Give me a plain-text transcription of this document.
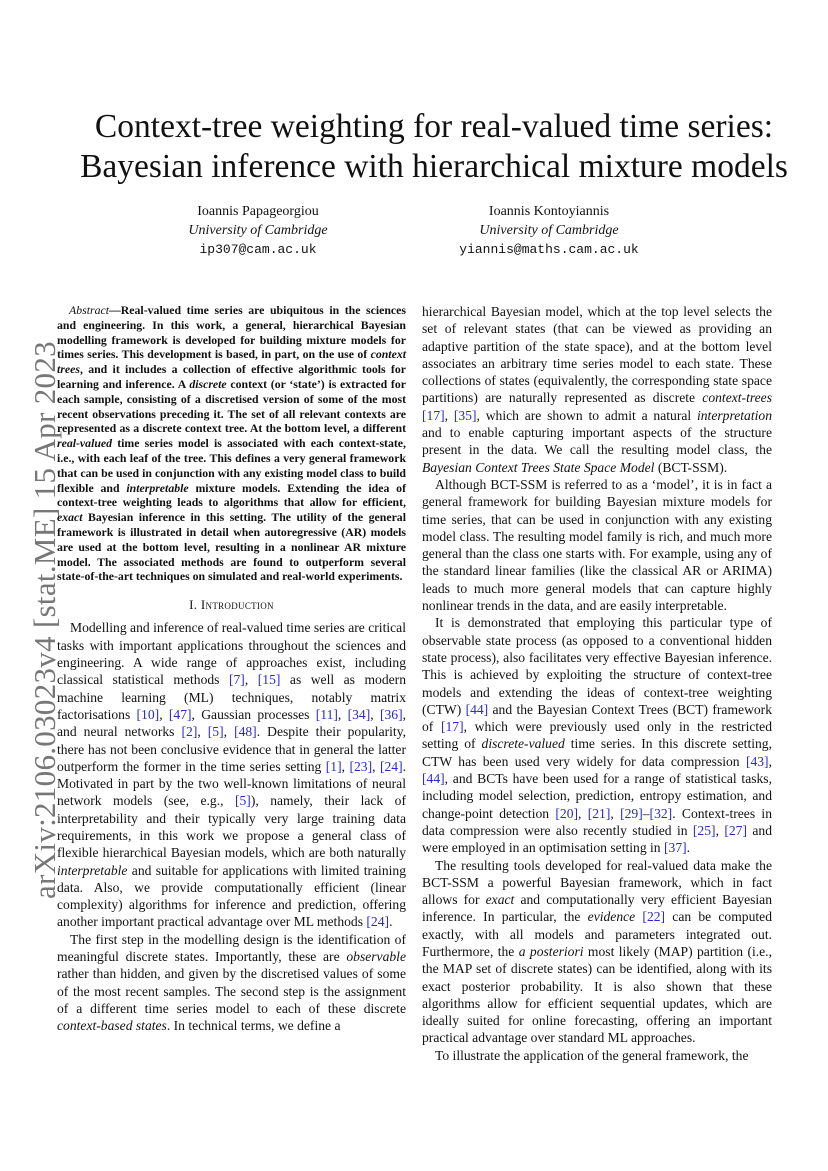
arXiv:2106.03023v4 [stat.ME] 15 Apr 2023
Context-tree weighting for real-valued time series:
Bayesian inference with hierarchical mixture models
Ioannis Papageorgiou
University of Cambridge
ip307@cam.ac.uk
Ioannis Kontoyiannis
University of Cambridge
yiannis@maths.cam.ac.uk

Abstract—Real-valued time series are ubiquitous in the sciences and engineering. In this work, a general, hierarchical Bayesian modelling framework is developed for building mixture models for times series. This development is based, in part, on the use of context trees, and it includes a collection of effective algorithmic tools for learning and inference. A discrete context (or ‘state’) is extracted for each sample, consisting of a discretised version of some of the most recent observations preceding it. The set of all relevant contexts are represented as a discrete context tree. At the bottom level, a different real-valued time series model is associated with each context-state, i.e., with each leaf of the tree. This defines a very general framework that can be used in conjunction with any existing model class to build flexible and interpretable mixture models. Extending the idea of context-tree weighting leads to algorithms that allow for efficient, exact Bayesian inference in this setting. The utility of the general framework is illustrated in detail when autoregressive (AR) models are used at the bottom level, resulting in a nonlinear AR mixture model. The associated methods are found to outperform several state-of-the-art techniques on simulated and real-world experiments.

I. Introduction

Modelling and inference of real-valued time series are critical tasks with important applications throughout the sciences and engineering. A wide range of approaches exist, including classical statistical methods [7], [15] as well as modern machine learning (ML) techniques, notably matrix factorisations [10], [47], Gaussian processes [11], [34], [36], and neural networks [2], [5], [48]. Despite their popularity, there has not been conclusive evidence that in general the latter outperform the former in the time series setting [1], [23], [24]. Motivated in part by the two well-known limitations of neural network models (see, e.g., [5]), namely, their lack of interpretability and their typically very large training data requirements, in this work we propose a general class of flexible hierarchical Bayesian models, which are both naturally interpretable and suitable for applications with limited training data. Also, we provide computationally efficient (linear complexity) algorithms for inference and prediction, offering another important practical advantage over ML methods [24].

The first step in the modelling design is the identification of meaningful discrete states. Importantly, these are observable rather than hidden, and given by the discretised values of some of the most recent samples. The second step is the assignment of a different time series model to each of these discrete context-based states. In technical terms, we define a

hierarchical Bayesian model, which at the top level selects the set of relevant states (that can be viewed as providing an adaptive partition of the state space), and at the bottom level associates an arbitrary time series model to each state. These collections of states (equivalently, the corresponding state space partitions) are naturally represented as discrete context-trees [17], [35], which are shown to admit a natural interpretation and to enable capturing important aspects of the structure present in the data. We call the resulting model class, the Bayesian Context Trees State Space Model (BCT-SSM).

Although BCT-SSM is referred to as a ‘model’, it is in fact a general framework for building Bayesian mixture models for time series, that can be used in conjunction with any existing model class. The resulting model family is rich, and much more general than the class one starts with. For example, using any of the standard linear families (like the classical AR or ARIMA) leads to much more general models that can capture highly nonlinear trends in the data, and are easily interpretable.

It is demonstrated that employing this particular type of observable state process (as opposed to a conventional hidden state process), also facilitates very effective Bayesian inference. This is achieved by exploiting the structure of context-tree models and extending the ideas of context-tree weighting (CTW) [44] and the Bayesian Context Trees (BCT) framework of [17], which were previously used only in the restricted setting of discrete-valued time series. In this discrete setting, CTW has been used very widely for data compression [43], [44], and BCTs have been used for a range of statistical tasks, including model selection, prediction, entropy estimation, and change-point detection [20], [21], [29]–[32]. Context-trees in data compression were also recently studied in [25], [27] and were employed in an optimisation setting in [37].

The resulting tools developed for real-valued data make the BCT-SSM a powerful Bayesian framework, which in fact allows for exact and computationally very efficient Bayesian inference. In particular, the evidence [22] can be computed exactly, with all models and parameters integrated out. Furthermore, the a posteriori most likely (MAP) partition (i.e., the MAP set of discrete states) can be identified, along with its exact posterior probability. It is also shown that these algorithms allow for efficient sequential updates, which are ideally suited for online forecasting, offering an important practical advantage over standard ML approaches.

To illustrate the application of the general framework, the
